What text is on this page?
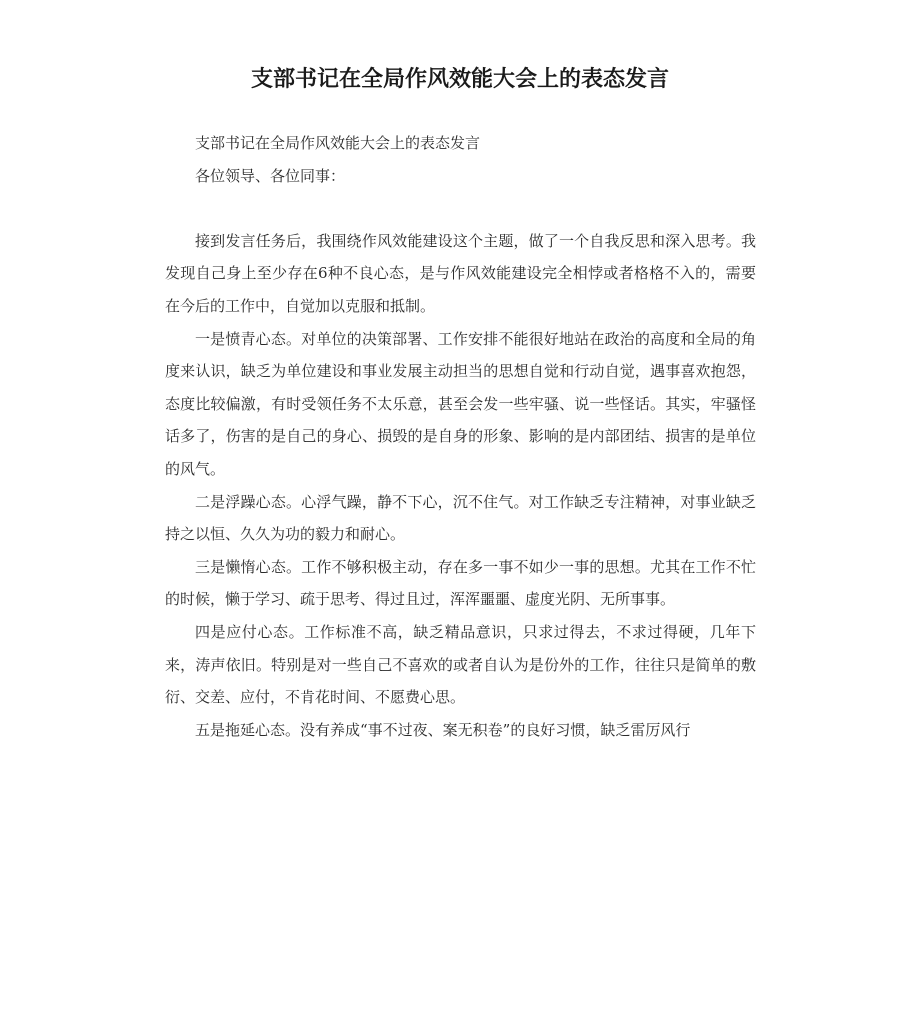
支部书记在全局作风效能大会上的表态发言

支部书记在全局作风效能大会上的表态发言

各位领导、各位同事：

接到发言任务后，我围绕作风效能建设这个主题，做了一个自我反思和深入思考。我发现自己身上至少存在6种不良心态，是与作风效能建设完全相悖或者格格不入的，需要在今后的工作中，自觉加以克服和抵制。

一是愤青心态。对单位的决策部署、工作安排不能很好地站在政治的高度和全局的角度来认识，缺乏为单位建设和事业发展主动担当的思想自觉和行动自觉，遇事喜欢抱怨，态度比较偏激，有时受领任务不太乐意，甚至会发一些牢骚、说一些怪话。其实，牢骚怪话多了，伤害的是自己的身心、损毁的是自身的形象、影响的是内部团结、损害的是单位的风气。

二是浮躁心态。心浮气躁，静不下心，沉不住气。对工作缺乏专注精神，对事业缺乏持之以恒、久久为功的毅力和耐心。

三是懒惰心态。工作不够积极主动，存在多一事不如少一事的思想。尤其在工作不忙的时候，懒于学习、疏于思考、得过且过，浑浑噩噩、虚度光阴、无所事事。

四是应付心态。工作标准不高，缺乏精品意识，只求过得去，不求过得硬，几年下来，涛声依旧。特别是对一些自己不喜欢的或者自认为是份外的工作，往往只是简单的敷衍、交差、应付，不肯花时间、不愿费心思。

五是拖延心态。没有养成“事不过夜、案无积卷”的良好习惯，缺乏雷厉风行
